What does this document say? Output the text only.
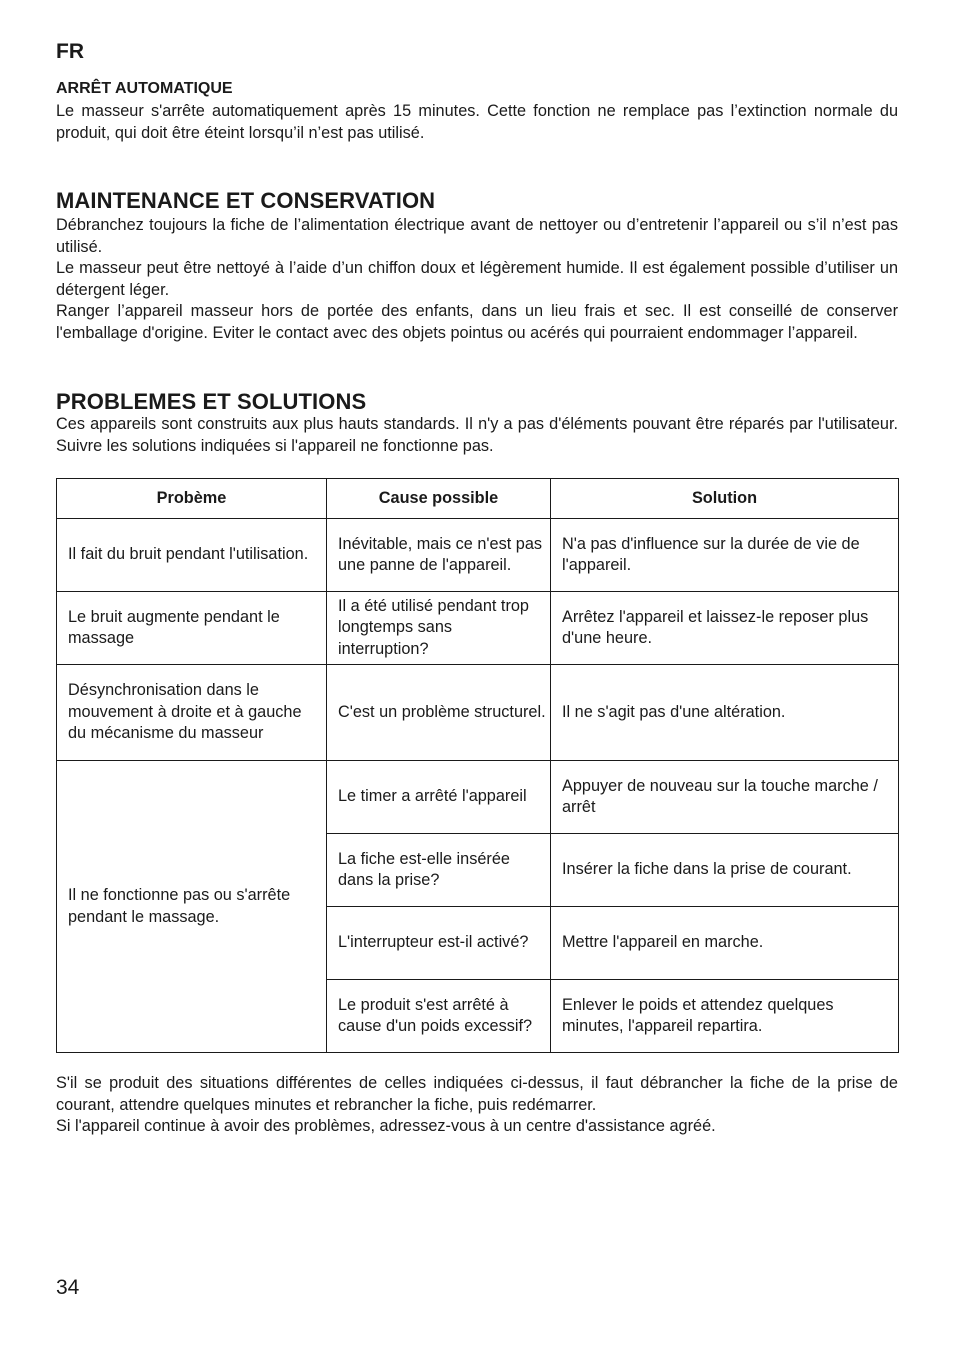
FR
ARRÊT AUTOMATIQUE

Le masseur s'arrête automatiquement après 15 minutes. Cette fonction ne remplace pas l’extinction normale du produit, qui doit être éteint lorsqu’il n’est pas utilisé.

MAINTENANCE ET CONSERVATION

Débranchez toujours la fiche de l’alimentation électrique avant de nettoyer ou d’entretenir l’appareil ou s’il n’est pas utilisé.

Le masseur peut être nettoyé à l’aide d’un chiffon doux et légèrement humide. Il est également possible d’utiliser un détergent léger.

Ranger l’appareil masseur hors de portée des enfants, dans un lieu frais et sec. Il est conseillé de conserver l'emballage d'origine. Eviter le contact avec des objets pointus ou acérés qui pourraient endommager l’appareil.

PROBLEMES ET SOLUTIONS

Ces appareils sont construits aux plus hauts standards. Il n'y a pas d'éléments pouvant être réparés par l'utilisateur. Suivre les solutions indiquées si l'appareil ne fonctionne pas.

Probème	Cause possible	Solution
Il fait du bruit pendant l'utilisation.	Inévitable, mais ce n'est pas une panne de l'appareil.	N'a pas d'influence sur la durée de vie de l'appareil.
Le bruit augmente pendant le massage	Il a été utilisé pendant trop longtemps sans interruption?	Arrêtez l'appareil et laissez-le reposer plus d'une heure.
Désynchronisation dans le mouvement à droite et à gauche du mécanisme du masseur	C'est un problème structurel.	Il ne s'agit pas d'une altération.
Il ne fonctionne pas ou s'arrête pendant le massage.	Le timer a arrêté l'appareil	Appuyer de nouveau sur la touche marche / arrêt
	La fiche est-elle insérée dans la prise?	Insérer la fiche dans la prise de courant.
	L'interrupteur est-il activé?	Mettre l'appareil en marche.
	Le produit s'est arrêté à cause d'un poids excessif?	Enlever le poids et attendez quelques minutes, l'appareil repartira.

S'il se produit des situations différentes de celles indiquées ci-dessus, il faut débrancher la fiche de la prise de courant, attendre quelques minutes et rebrancher la fiche, puis redémarrer.

Si l'appareil continue à avoir des problèmes, adressez-vous à un centre d'assistance agréé.

34
